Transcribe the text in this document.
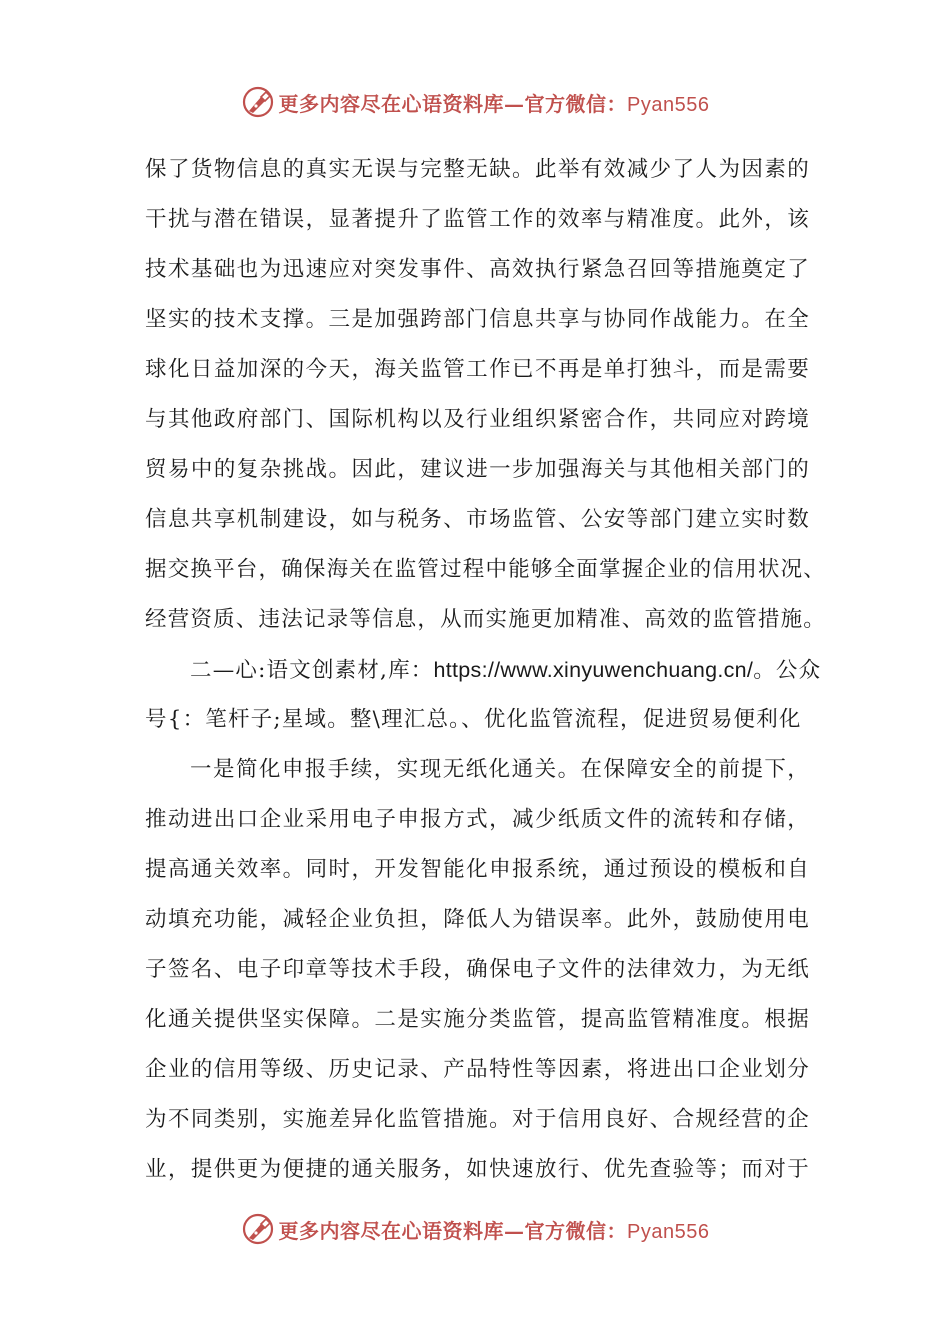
更多内容尽在心语资料库—官方微信：Pyan556
保了货物信息的真实无误与完整无缺。此举有效减少了人为因素的
干扰与潜在错误，显著提升了监管工作的效率与精准度。此外，该
技术基础也为迅速应对突发事件、高效执行紧急召回等措施奠定了
坚实的技术支撑。三是加强跨部门信息共享与协同作战能力。在全
球化日益加深的今天，海关监管工作已不再是单打独斗，而是需要
与其他政府部门、国际机构以及行业组织紧密合作，共同应对跨境
贸易中的复杂挑战。因此，建议进一步加强海关与其他相关部门的
信息共享机制建设，如与税务、市场监管、公安等部门建立实时数
据交换平台，确保海关在监管过程中能够全面掌握企业的信用状况、
经营资质、违法记录等信息，从而实施更加精准、高效的监管措施。
二—心:语文创素材,库：https://www.xinyuwenchuang.cn/。公众
号{：笔杆子;星域。整\理汇总。、优化监管流程，促进贸易便利化
一是简化申报手续，实现无纸化通关。在保障安全的前提下，
推动进出口企业采用电子申报方式，减少纸质文件的流转和存储，
提高通关效率。同时，开发智能化申报系统，通过预设的模板和自
动填充功能，减轻企业负担，降低人为错误率。此外，鼓励使用电
子签名、电子印章等技术手段，确保电子文件的法律效力，为无纸
化通关提供坚实保障。二是实施分类监管，提高监管精准度。根据
企业的信用等级、历史记录、产品特性等因素，将进出口企业划分
为不同类别，实施差异化监管措施。对于信用良好、合规经营的企
业，提供更为便捷的通关服务，如快速放行、优先查验等；而对于
更多内容尽在心语资料库—官方微信：Pyan556
